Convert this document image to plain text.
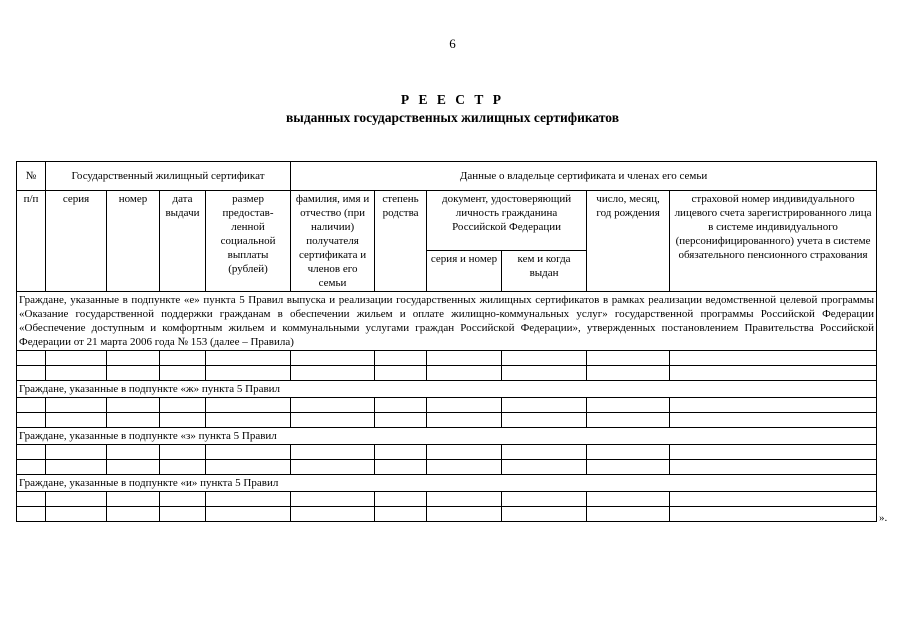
6
Р Е Е С Т Р
выданных государственных жилищных сертификатов
№	Государственный жилищный сертификат				Данные о владельце сертификата и членах его семьи					
п/п	серия	номер	дата выдачи	размер предостав- ленной социальной выплаты (рублей)	фамилия, имя и отчество (при наличии) получателя сертификата и членов его семьи	степень родства	документ, удостоверяющий личность гражданина Российской Федерации		число, месяц, год рождения	страховой номер индивидуального лицевого счета зарегистрированного лица в системе индивидуального (персонифицированного) учета в системе обязательного пенсионного страхования
							серия и номер	кем и когда выдан		
Граждане, указанные в подпункте «е» пункта 5 Правил выпуска и реализации государственных жилищных сертификатов в рамках реализации ведомственной целевой программы «Оказание государственной поддержки гражданам в обеспечении жильем и оплате жилищно-коммунальных услуг» государственной программы Российской Федерации «Обеспечение доступным и комфортным жильем и коммунальными услугами граждан Российской Федерации», утвержденных постановлением Правительства Российской Федерации от 21 марта 2006 года № 153 (далее – Правила)										

Граждане, указанные в подпункте «ж» пункта 5 Правил										

Граждане, указанные в подпункте «з» пункта 5 Правил										

Граждане, указанные в подпункте «и» пункта 5 Правил										

».
